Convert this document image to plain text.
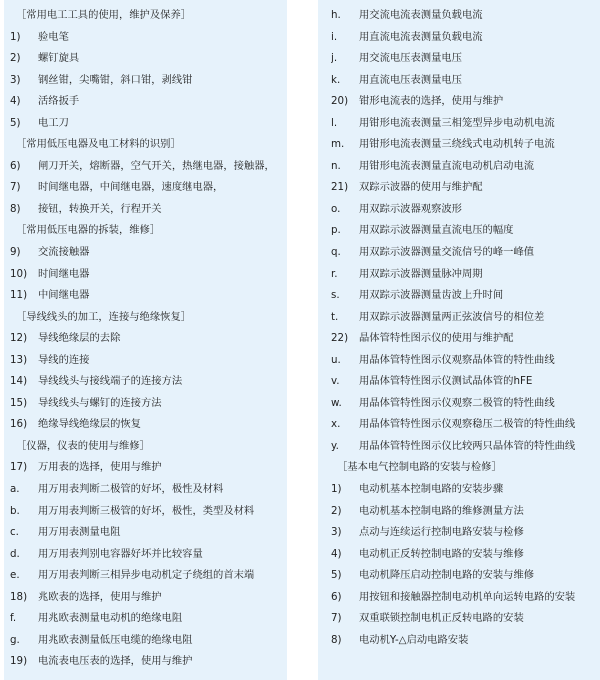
［常用电工工具的使用，维护及保养］
1) 验电笔
2) 螺钉旋具
3) 钢丝钳，尖嘴钳，斜口钳，剥线钳
4) 活络扳手
5) 电工刀
［常用低压电器及电工材料的识别］
6) 闸刀开关，熔断器，空气开关，热继电器，接触器，
7) 时间继电器，中间继电器，速度继电器，
8) 接钮，转换开关，行程开关
［常用低压电器的拆装，维修］
9) 交流接触器
10) 时间继电器
11) 中间继电器
［导线线头的加工，连接与绝缘恢复］
12) 导线绝缘层的去除
13) 导线的连接
14) 导线线头与接线端子的连接方法
15) 导线线头与螺钉的连接方法
16) 绝缘导线绝缘层的恢复
［仪器，仪表的使用与维修］
17) 万用表的选择，使用与维护
a. 用万用表判断二极管的好坏，极性及材料
b. 用万用表判断三极管的好坏，极性，类型及材料
c. 用万用表测量电阻
d. 用万用表判别电容器好坏并比较容量
e. 用万用表判断三相异步电动机定子绕组的首末端
18) 兆欧表的选择，使用与维护
f. 用兆欧表测量电动机的绝缘电阻
g. 用兆欧表测量低压电缆的绝缘电阻
19) 电流表电压表的选择，使用与维护
h. 用交流电流表测量负载电流
i. 用直流电流表测量负载电流
j. 用交流电压表测量电压
k. 用直流电压表测量电压
20) 钳形电流表的选择，使用与维护
l. 用钳形电流表测量三相笼型异步电动机电流
m. 用钳形电流表测量三绕线式电动机转子电流
n. 用钳形电流表测量直流电动机启动电流
21) 双踪示波器的使用与维护配
o. 用双踪示波器观察波形
p. 用双踪示波器测量直流电压的幅度
q. 用双踪示波器测量交流信号的峰一峰值
r. 用双踪示波器测量脉冲周期
s. 用双踪示波器测量齿波上升时间
t. 用双踪示波器测量两正弦波信号的相位差
22) 晶体管特性图示仪的使用与维护配
u. 用晶体管特性图示仪观察晶体管的特性曲线
v. 用晶体管特性图示仪测试晶体管的hFE
w. 用晶体管特性图示仪观察二极管的特性曲线
x. 用晶体管特性图示仪观察稳压二极管的特性曲线
y. 用晶体管特性图示仪比较两只晶体管的特性曲线
［基本电气控制电路的安装与检修］
1) 电动机基本控制电路的安装步骤
2) 电动机基本控制电路的维修测量方法
3) 点动与连续运行控制电路安装与检修
4) 电动机正反转控制电路的安装与维修
5) 电动机降压启动控制电路的安装与维修
6) 用按钮和接触器控制电动机单向运转电路的安装
7) 双重联锁控制电机正反转电路的安装
8) 电动机Y-△启动电路安装
